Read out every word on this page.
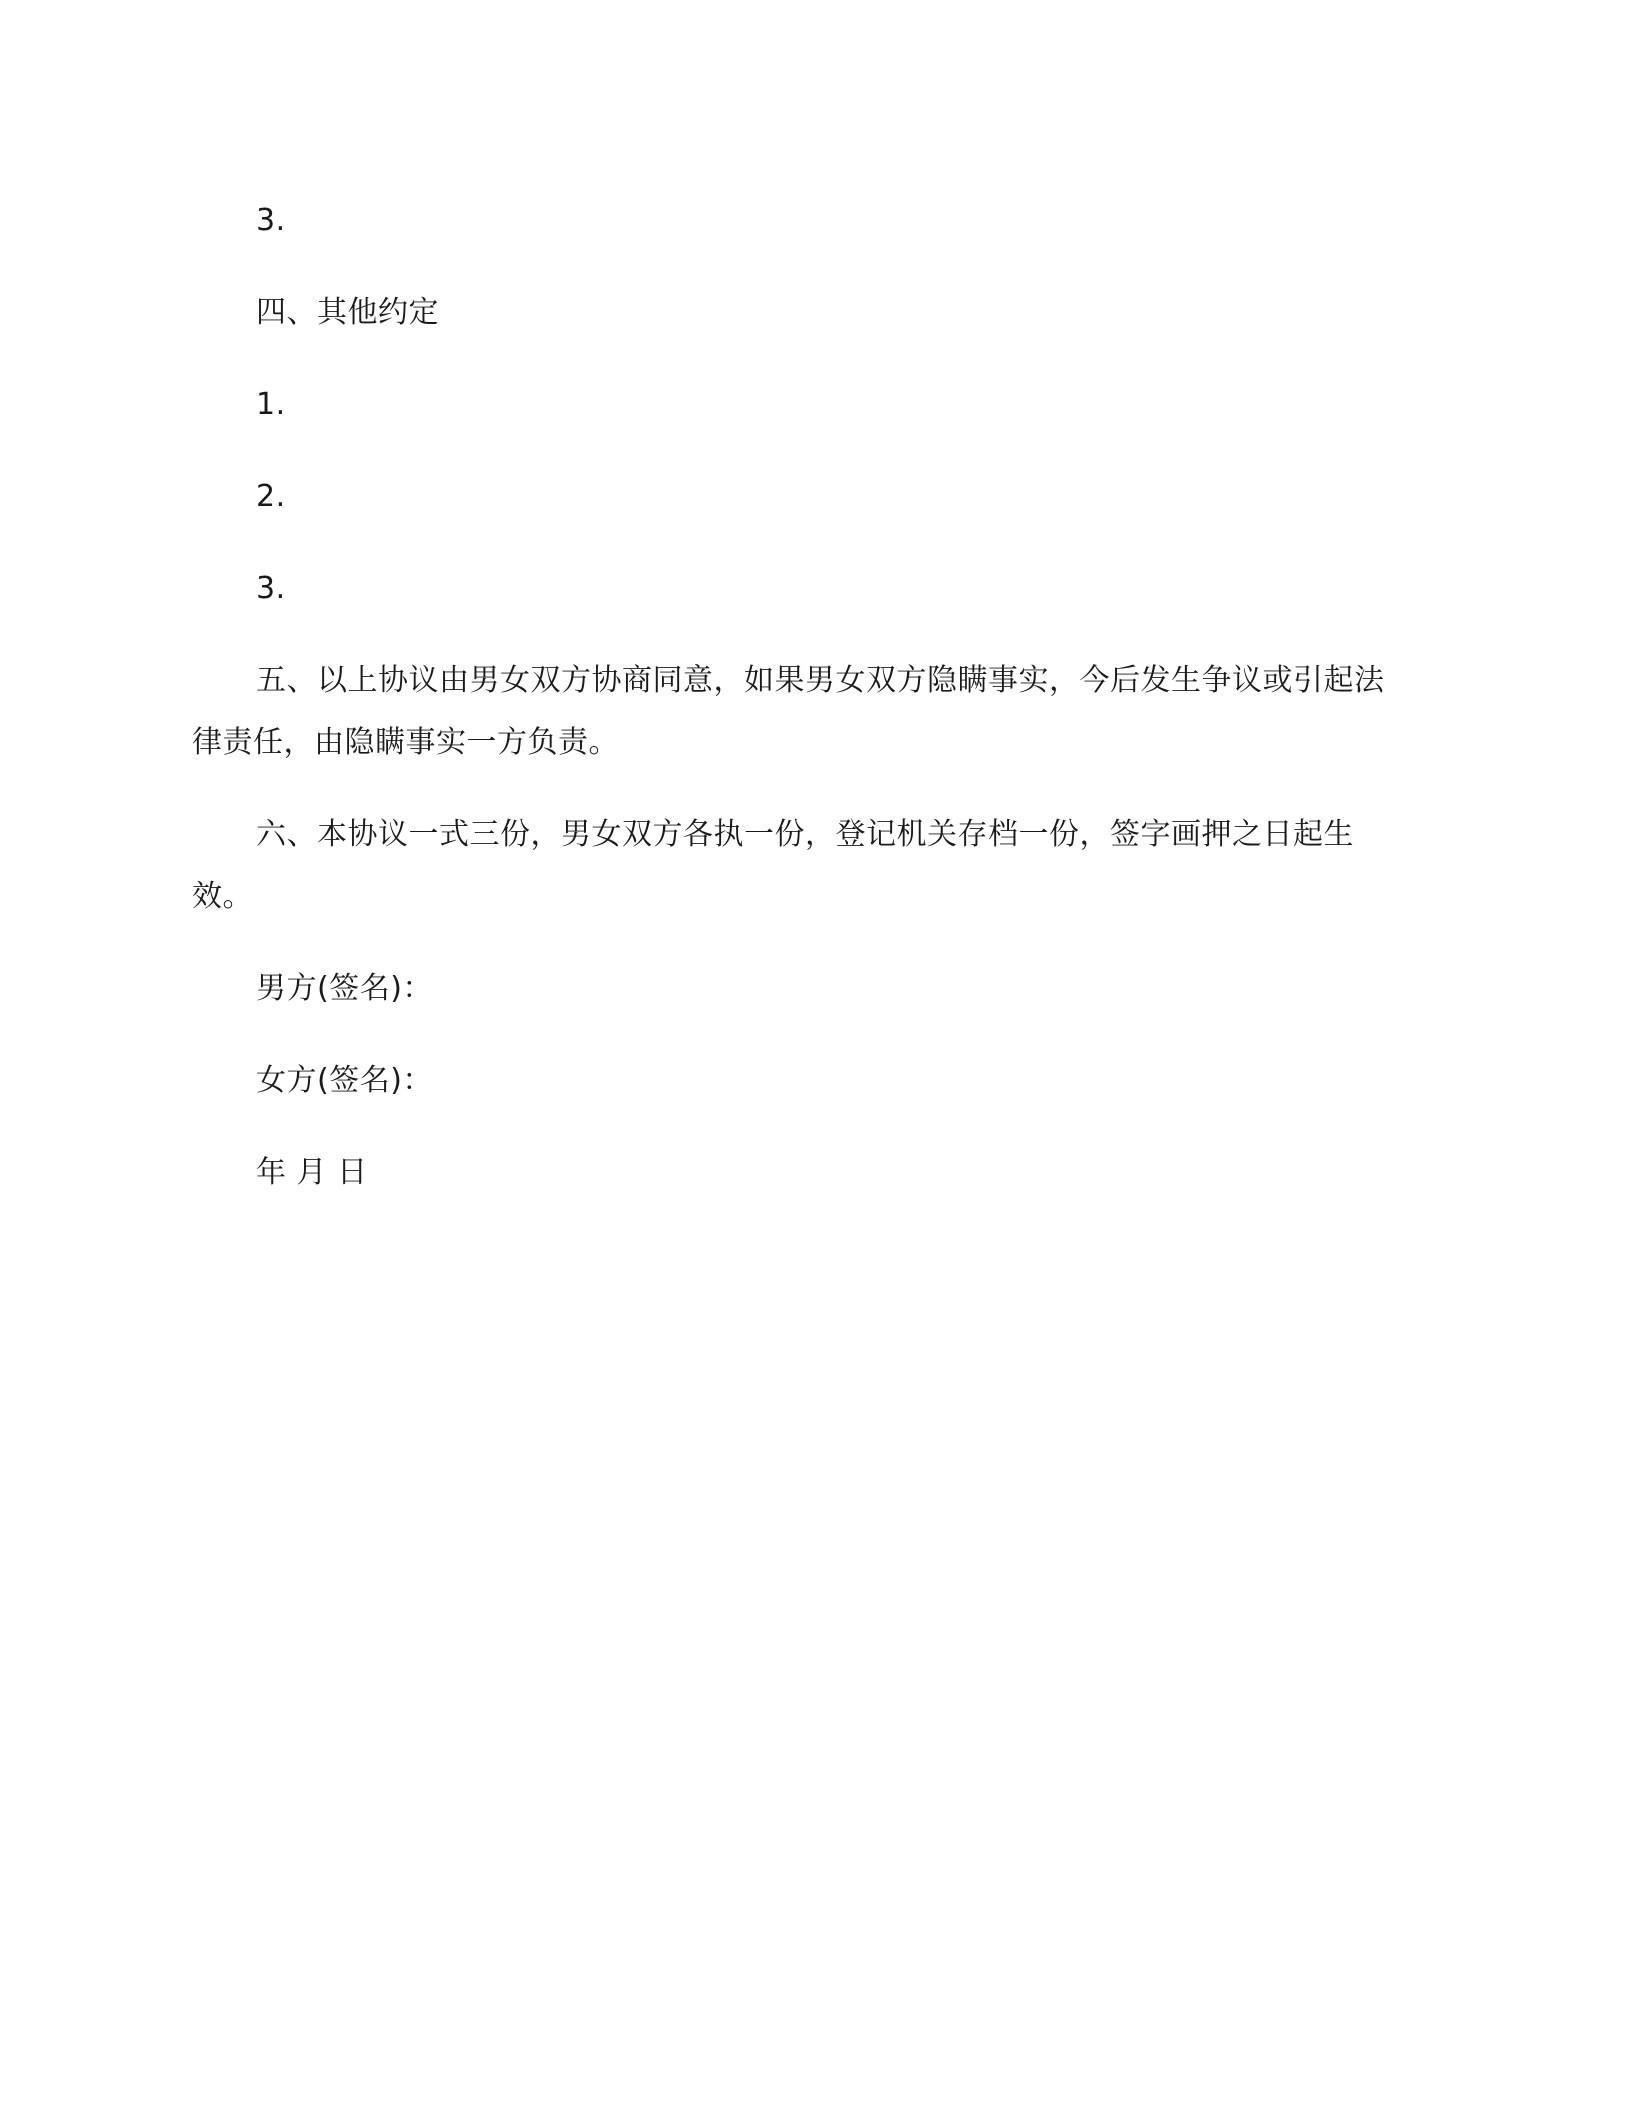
3.

四、其他约定

1.

2.

3.

五、以上协议由男女双方协商同意，如果男女双方隐瞒事实，今后发生争议或引起法律责任，由隐瞒事实一方负责。

六、本协议一式三份，男女双方各执一份，登记机关存档一份，签字画押之日起生效。

男方(签名)：

女方(签名)：

年 月 日
